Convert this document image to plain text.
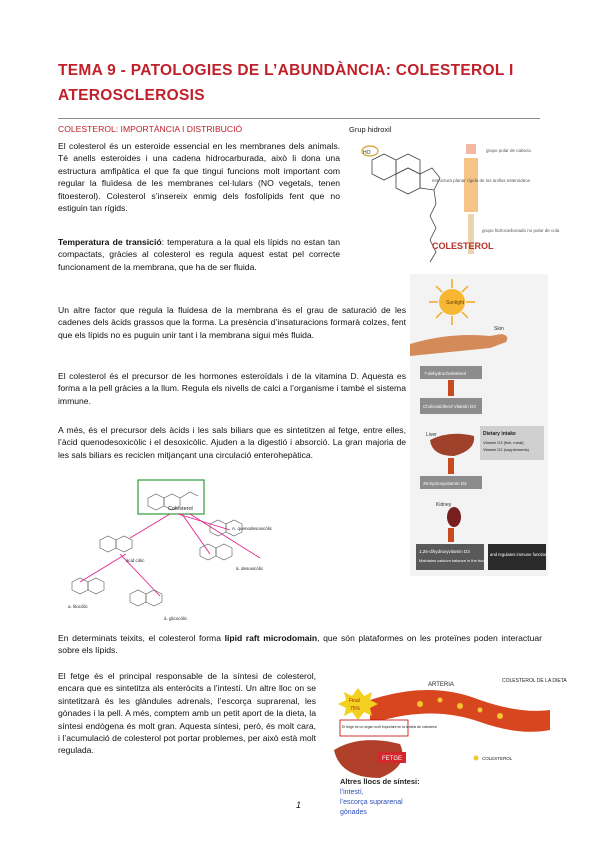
TEMA 9 - PATOLOGIES DE L’ABUNDÀNCIA: COLESTEROL I
ATEROSCLEROSIS
COLESTEROL: IMPORTÀNCIA I DISTRIBUCIÓ
El colesterol és un esteroide essencial en les membranes dels animals. Té anells esteroides i una cadena hidrocarburada, això li dona una estructura amfipàtica el que fa que tingui funcions molt important com regular la fluïdesa de les membranes cel·lulars (NO vegetals, tenen fitoesterol). Colesterol s’insereix enmig dels fosfolípids fent que no estiguin tan rígids.
Temperatura de transició: temperatura a la qual els lípids no estan tan compactats, gràcies al colesterol es regula aquest estat pel correcte funcionament de la membrana, que ha de ser fluida.
Un altre factor que regula la fluidesa de la membrana és el grau de saturació de les cadenes dels àcids grassos que la forma. La presència d’insaturacions formarà colzes, fent que els lípids no es puguin unir tant i la membrana sigui més fluida.
El colesterol és el precursor de les hormones esteroïdals i de la vitamina D. Aquesta es forma a la pell gràcies a la llum. Regula els nivells de calci a l’organisme i també el sistema immune.
A més, és el precursor dels àcids i les sals biliars que es sintetitzen al fetge, entre elles, l’àcid quenodesoxicòlic i el desoxicòlic. Ajuden a la digestió i absorció. La gran majoria de les sals biliars es reciclen mitjançant una circulació enterohepàtica.
En determinats teixits, el colesterol forma lipid raft microdomain, que són plataformes on les proteïnes poden interactuar sobre els lípids.
El fetge és el principal responsable de la síntesi de colesterol, encara que es sintetitza als enteròcits a l’intestí. Un altre lloc on se sintetitzarà és les glàndules adrenals, l’escorça suprarenal, les gònades i la pell. A més, comptem amb un petit aport de la dieta, la síntesi endògena és molt gran. Aquesta síntesi, però, és molt cara, i l’acumulació de colesterol pot portar problemes, per això està molt regulada.
Grup hidroxil
HO	grupo polar de cabeza
estructura planar rígida de los anillos esteroideos
grupo hidrocarbonado no polar de cola
COLESTEROL
Sunlight
Skin
7-dehydrocholesterol
Cholecalciferol Vitamin D3
Liver	Dietary intake
Vitamin D3 (fish, meat)
Vitamin D2 (supplements)
25-hydroxyvitamin D3
Kidney
1,25-dihydroxyvitamin D3
Maintains calcium balance in the body
and regulates immune function !!!
Colesterol
A. quenodesoxicòlic
àcid còlic
à. desoxicòlic
a. litocòlic
à. glicocòlic
ARTERIA
COLESTEROL DE LA DIETA
Final
75%
El fetge és un òrgan molt important en la síntesi de colesterol
FETGE	COLESTEROL
Altres llocs de síntesi:
l’intestí,
l’escorça suprarenal
gònades
1
